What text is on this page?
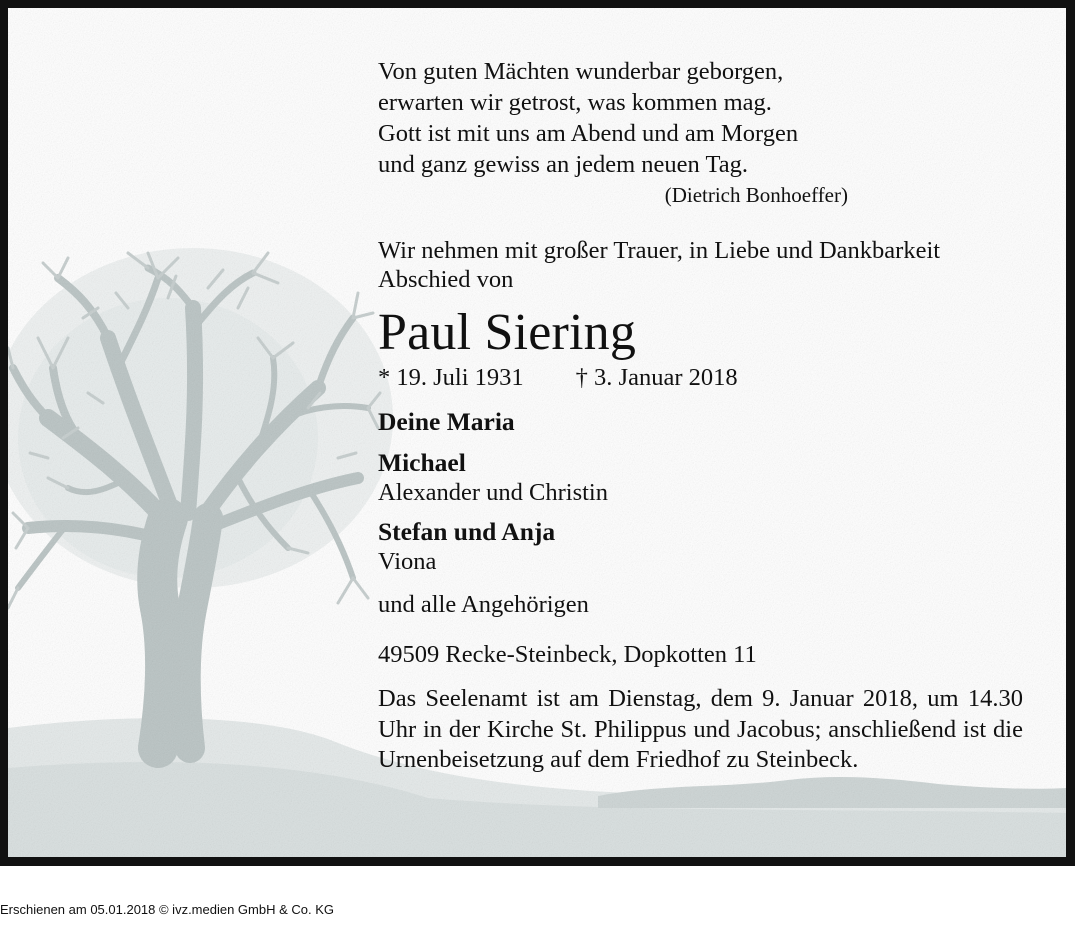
Von guten Mächten wunderbar geborgen,
erwarten wir getrost, was kommen mag.
Gott ist mit uns am Abend und am Morgen
und ganz gewiss an jedem neuen Tag.
(Dietrich Bonhoeffer)
Wir nehmen mit großer Trauer, in Liebe und Dankbarkeit
Abschied von
Paul Siering
* 19. Juli 1931 † 3. Januar 2018
Deine Maria
Michael
Alexander und Christin
Stefan und Anja
Viona
und alle Angehörigen
49509 Recke-Steinbeck, Dopkotten 11
Das Seelenamt ist am Dienstag, dem 9. Januar 2018, um 14.30 Uhr in der Kirche St. Philippus und Jacobus; anschließend ist die Urnenbeisetzung auf dem Friedhof zu Steinbeck.
Erschienen am 05.01.2018 © ivz.medien GmbH & Co. KG
